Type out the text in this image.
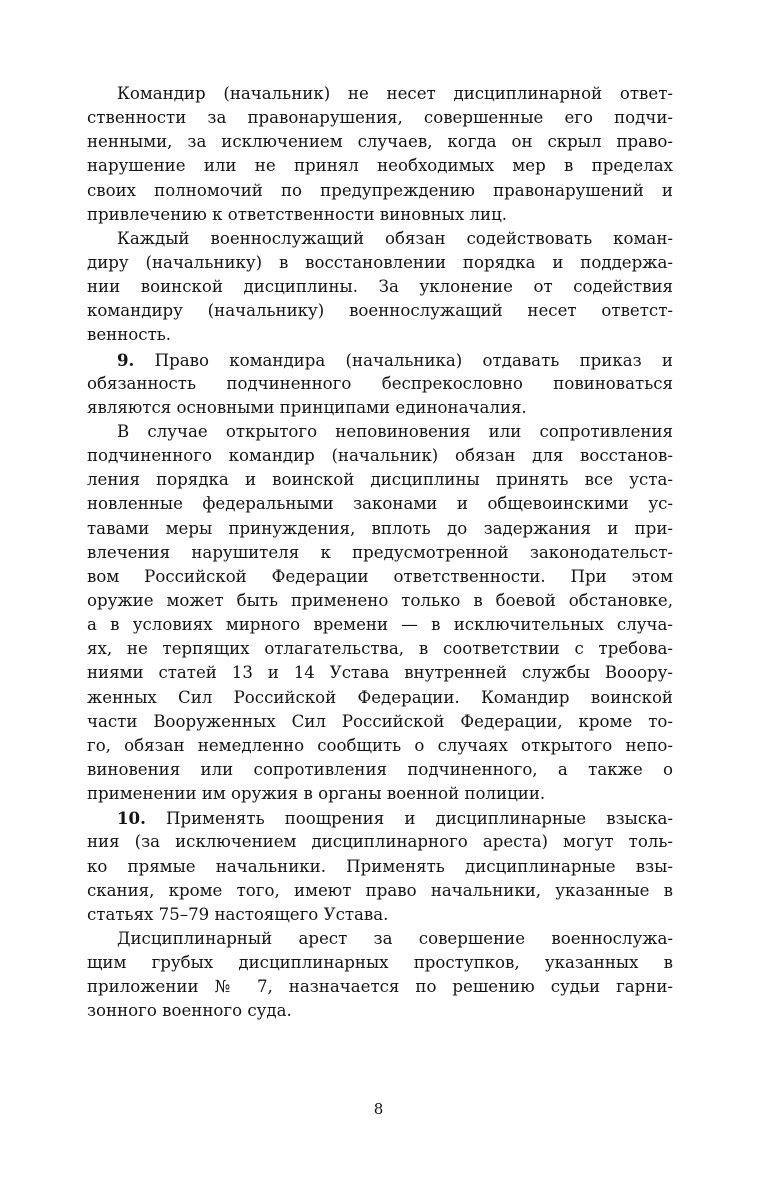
Командир (начальник) не несет дисциплинарной ответ-
ственности за правонарушения, совершенные его подчи-
ненными, за исключением случаев, когда он скрыл право-
нарушение или не принял необходимых мер в пределах
своих полномочий по предупреждению правонарушений и
привлечению к ответственности виновных лиц.
Каждый военнослужащий обязан содействовать коман-
диру (начальнику) в восстановлении порядка и поддержа-
нии воинской дисциплины. За уклонение от содействия
командиру (начальнику) военнослужащий несет ответст-
венность.
9. Право командира (начальника) отдавать приказ и
обязанность подчиненного беспрекословно повиноваться
являются основными принципами единоначалия.
В случае открытого неповиновения или сопротивления
подчиненного командир (начальник) обязан для восстанов-
ления порядка и воинской дисциплины принять все уста-
новленные федеральными законами и общевоинскими ус-
тавами меры принуждения, вплоть до задержания и при-
влечения нарушителя к предусмотренной законодательст-
вом Российской Федерации ответственности. При этом
оружие может быть применено только в боевой обстановке,
а в условиях мирного времени — в исключительных случа-
ях, не терпящих отлагательства, в соответствии с требова-
ниями статей 13 и 14 Устава внутренней службы Вооору-
женных Сил Российской Федерации. Командир воинской
части Вооруженных Сил Российской Федерации, кроме то-
го, обязан немедленно сообщить о случаях открытого непо-
виновения или сопротивления подчиненного, а также о
применении им оружия в органы военной полиции.
10. Применять поощрения и дисциплинарные взыска-
ния (за исключением дисциплинарного ареста) могут толь-
ко прямые начальники. Применять дисциплинарные взы-
скания, кроме того, имеют право начальники, указанные в
статьях 75–79 настоящего Устава.
Дисциплинарный арест за совершение военнослужа-
щим грубых дисциплинарных проступков, указанных в
приложении № 7, назначается по решению судьи гарни-
зонного военного суда.
8
